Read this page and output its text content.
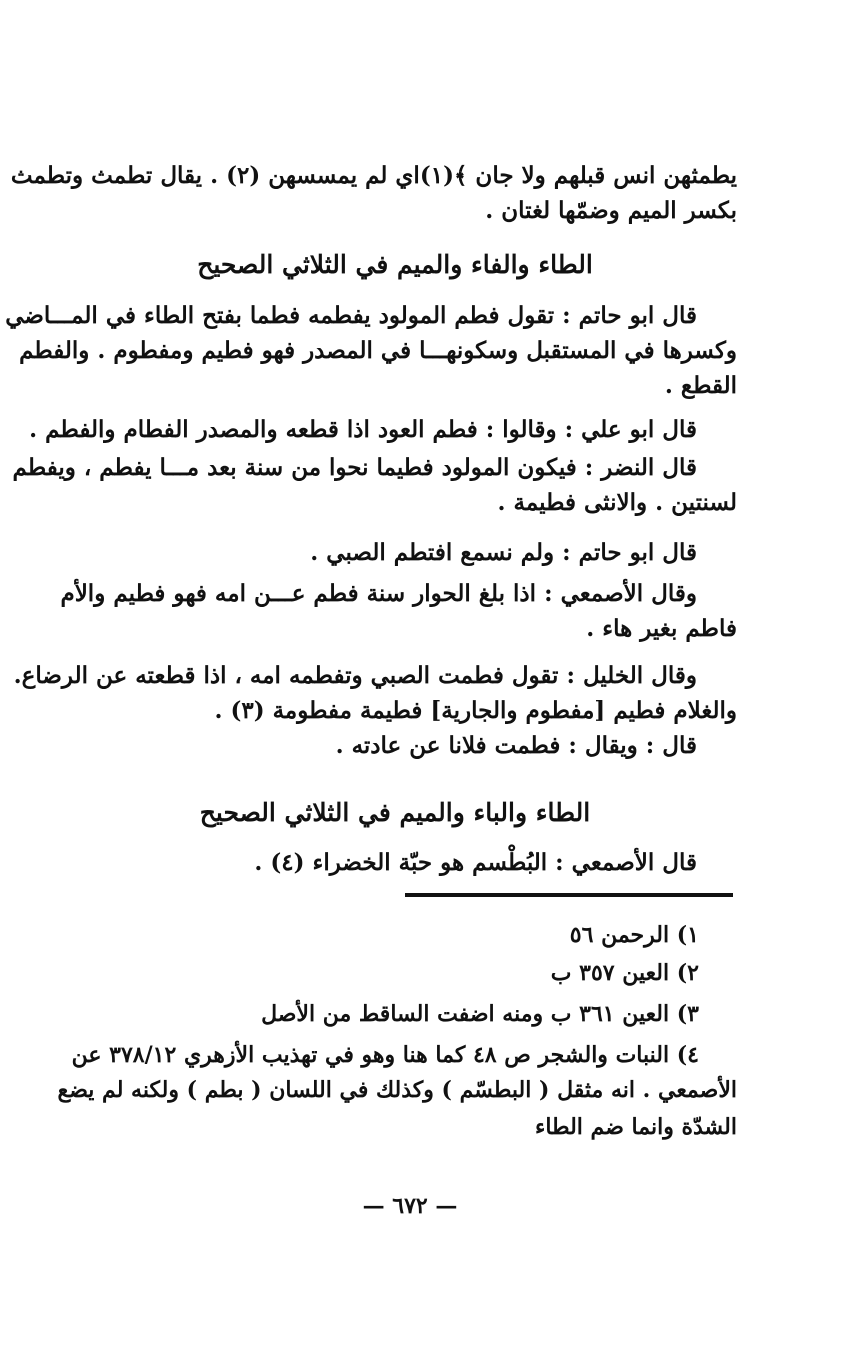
يطمثهن انس قبلهم ولا جان ﴾(١)اي لم يمسسهن (٢) . يقال تطمث وتطمث
بكسر الميم وضمّها لغتان .
الطاء والفاء والميم في الثلاثي الصحيح
قال ابو حاتم : تقول فطم المولود يفطمه فطما بفتح الطاء في المـــاضي
وكسرها في المستقبل وسكونهـــا في المصدر فهو فطيم ومفطوم . والفطم
القطع .
قال ابو علي : وقالوا : فطم العود اذا قطعه والمصدر الفطام والفطم .
قال النضر : فيكون المولود فطيما نحوا من سنة بعد مـــا يفطم ، ويفطم
لسنتين . والانثى فطيمة .
قال ابو حاتم : ولم نسمع افتطم الصبي .
وقال الأصمعي : اذا بلغ الحوار سنة فطم عـــن امه فهو فطيم والأم
فاطم بغير هاء .
وقال الخليل : تقول فطمت الصبي وتفطمه امه ، اذا قطعته عن الرضاع.
والغلام فطيم [مفطوم والجارية] فطيمة مفطومة (٣) .
قال : ويقال : فطمت فلانا عن عادته .
الطاء والباء والميم في الثلاثي الصحيح
قال الأصمعي : البُطْسم هو حبّة الخضراء (٤) .
١) الرحمن ٥٦
٢) العين ٣٥٧ ب
٣) العين ٣٦١ ب ومنه اضفت الساقط من الأصل
٤) النبات والشجر ص ٤٨ كما هنا وهو في تهذيب الأزهري ٣٧٨/١٢ عن
الأصمعي . انه مثقل ( البطسّم ) وكذلك في اللسان ( بطم ) ولكنه لم يضع
الشدّة وانما ضم الطاء
— ٦٧٢ —
